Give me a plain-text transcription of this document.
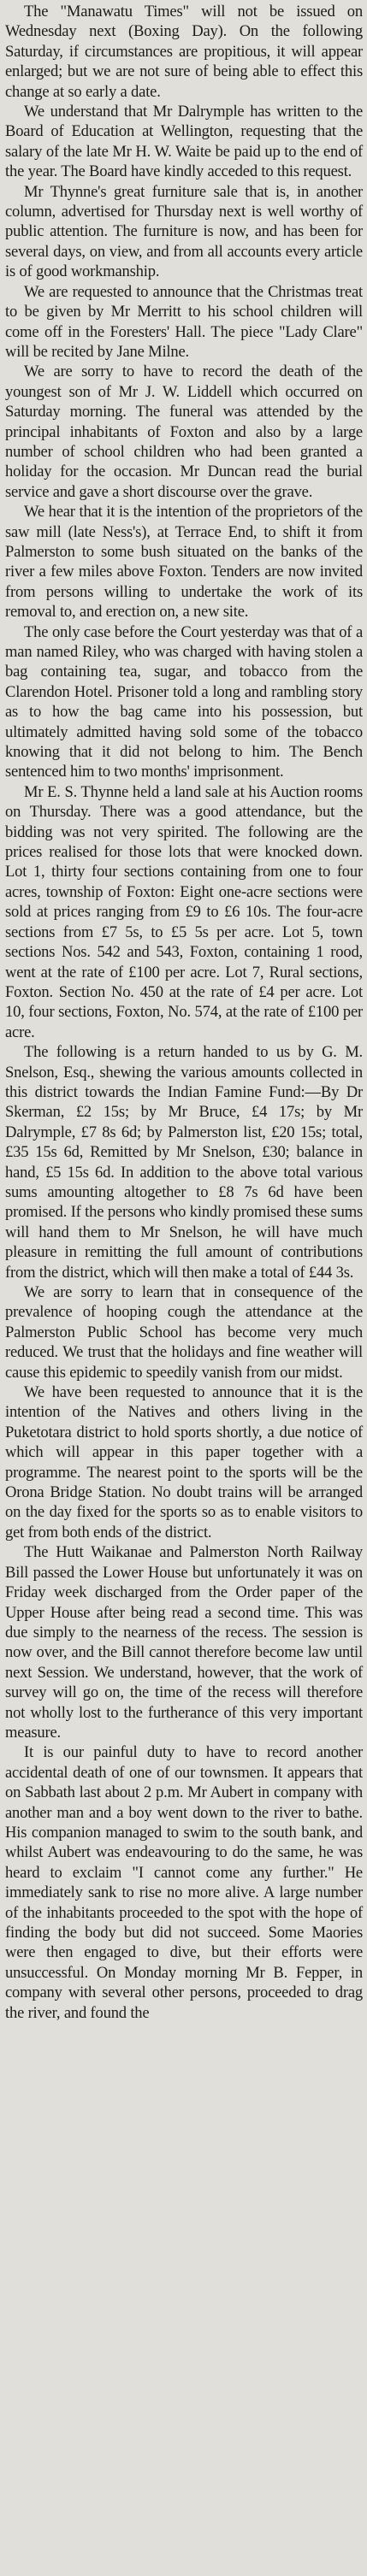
The "Manawatu Times" will not be issued on Wednesday next (Boxing Day). On the following Saturday, if circumstances are propitious, it will appear enlarged; but we are not sure of being able to effect this change at so early a date.

We understand that Mr Dalrymple has written to the Board of Education at Wellington, requesting that the salary of the late Mr H. W. Waite be paid up to the end of the year. The Board have kindly acceded to this request.

Mr Thynne's great furniture sale that is, in another column, advertised for Thursday next is well worthy of public attention. The furniture is now, and has been for several days, on view, and from all accounts every article is of good workmanship.

We are requested to announce that the Christmas treat to be given by Mr Merritt to his school children will come off in the Foresters' Hall. The piece "Lady Clare" will be recited by Jane Milne.

We are sorry to have to record the death of the youngest son of Mr J. W. Liddell which occurred on Saturday morning. The funeral was attended by the principal inhabitants of Foxton and also by a large number of school children who had been granted a holiday for the occasion. Mr Duncan read the burial service and gave a short discourse over the grave.

We hear that it is the intention of the proprietors of the saw mill (late Ness's), at Terrace End, to shift it from Palmerston to some bush situated on the banks of the river a few miles above Foxton. Tenders are now invited from persons willing to undertake the work of its removal to, and erection on, a new site.

The only case before the Court yesterday was that of a man named Riley, who was charged with having stolen a bag containing tea, sugar, and tobacco from the Clarendon Hotel. Prisoner told a long and rambling story as to how the bag came into his possession, but ultimately admitted having sold some of the tobacco knowing that it did not belong to him. The Bench sentenced him to two months' imprisonment.

Mr E. S. Thynne held a land sale at his Auction rooms on Thursday. There was a good attendance, but the bidding was not very spirited. The following are the prices realised for those lots that were knocked down. Lot 1, thirty four sections containing from one to four acres, township of Foxton: Eight one-acre sections were sold at prices ranging from £9 to £6 10s. The four-acre sections from £7 5s, to £5 5s per acre. Lot 5, town sections Nos. 542 and 543, Foxton, containing 1 rood, went at the rate of £100 per acre. Lot 7, Rural sections, Foxton. Section No. 450 at the rate of £4 per acre. Lot 10, four sections, Foxton, No. 574, at the rate of £100 per acre.

The following is a return handed to us by G. M. Snelson, Esq., shewing the various amounts collected in this district towards the Indian Famine Fund:—By Dr Skerman, £2 15s; by Mr Bruce, £4 17s; by Mr Dalrymple, £7 8s 6d; by Palmerston list, £20 15s; total, £35 15s 6d, Remitted by Mr Snelson, £30; balance in hand, £5 15s 6d. In addition to the above total various sums amounting altogether to £8 7s 6d have been promised. If the persons who kindly promised these sums will hand them to Mr Snelson, he will have much pleasure in remitting the full amount of contributions from the district, which will then make a total of £44 3s.

We are sorry to learn that in consequence of the prevalence of hooping cough the attendance at the Palmerston Public School has become very much reduced. We trust that the holidays and fine weather will cause this epidemic to speedily vanish from our midst.

We have been requested to announce that it is the intention of the Natives and others living in the Puketotara district to hold sports shortly, a due notice of which will appear in this paper together with a programme. The nearest point to the sports will be the Orona Bridge Station. No doubt trains will be arranged on the day fixed for the sports so as to enable visitors to get from both ends of the district.

The Hutt Waikanae and Palmerston North Railway Bill passed the Lower House but unfortunately it was on Friday week discharged from the Order paper of the Upper House after being read a second time. This was due simply to the nearness of the recess. The session is now over, and the Bill cannot therefore become law until next Session. We understand, however, that the work of survey will go on, the time of the recess will therefore not wholly lost to the furtherance of this very important measure.

It is our painful duty to have to record another accidental death of one of our townsmen. It appears that on Sabbath last about 2 p.m. Mr Aubert in company with another man and a boy went down to the river to bathe. His companion managed to swim to the south bank, and whilst Aubert was endeavouring to do the same, he was heard to exclaim "I cannot come any further." He immediately sank to rise no more alive. A large number of the inhabitants proceeded to the spot with the hope of finding the body but did not succeed. Some Maories were then engaged to dive, but their efforts were unsuccessful. On Monday morning Mr B. Fepper, in company with several other persons, proceeded to drag the river, and found the
